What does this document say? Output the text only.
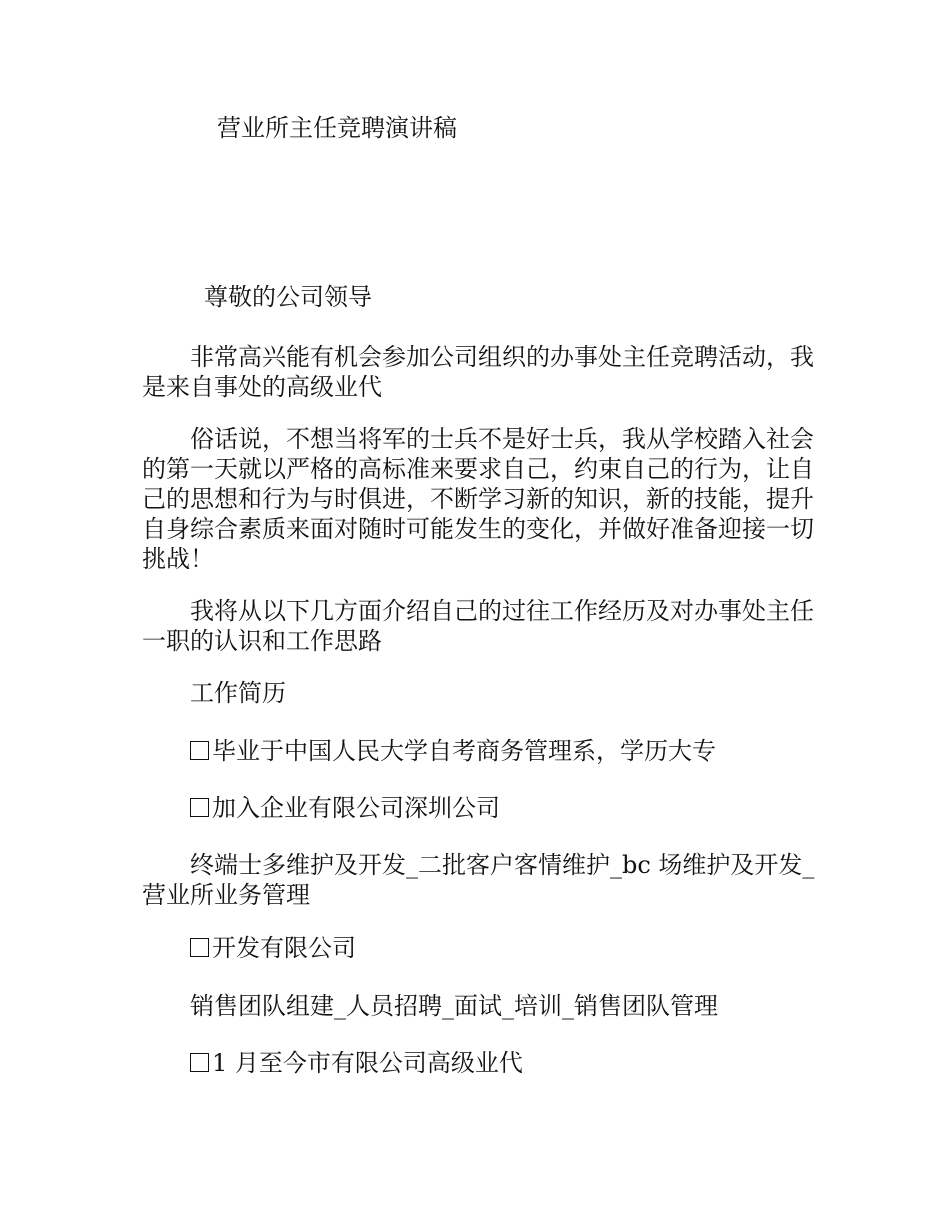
营业所主任竞聘演讲稿

尊敬的公司领导

非常高兴能有机会参加公司组织的办事处主任竞聘活动，我是来自事处的高级业代

俗话说，不想当将军的士兵不是好士兵，我从学校踏入社会的第一天就以严格的高标准来要求自己，约束自己的行为，让自己的思想和行为与时俱进，不断学习新的知识，新的技能，提升自身综合素质来面对随时可能发生的变化，并做好准备迎接一切挑战！

我将从以下几方面介绍自己的过往工作经历及对办事处主任一职的认识和工作思路

工作简历

毕业于中国人民大学自考商务管理系，学历大专

加入企业有限公司深圳公司

终端士多维护及开发_二批客户客情维护_bc 场维护及开发_营业所业务管理

开发有限公司

销售团队组建_人员招聘_面试_培训_销售团队管理

1 月至今市有限公司高级业代
